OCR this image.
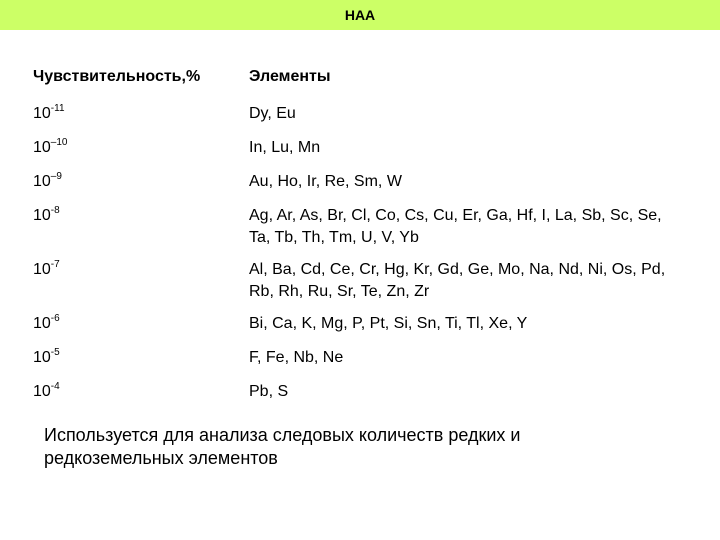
НАА
Чувствительность,%	Элементы
$10^{-11}$	Dy, Eu
$10^{-10}$	In, Lu, Mn
$10^{-9}$	Au, Ho, Ir, Re, Sm, W
$10^{-8}$	Ag, Ar, As, Br, Cl, Co, Cs, Cu, Er, Ga, Hf, I, La, Sb, Sc, Se, Ta, Tb, Th, Tm, U, V, Yb
$10^{-7}$	Al, Ba, Cd, Ce, Cr, Hg, Kr, Gd, Ge, Mo, Na, Nd, Ni, Os, Pd, Rb, Rh, Ru, Sr, Te, Zn, Zr
$10^{-6}$	Bi, Ca, K, Mg, P, Pt, Si, Sn, Ti, Tl, Xe, Y
$10^{-5}$	F, Fe, Nb, Ne
$10^{-4}$	Pb, S
Используется для анализа следовых количеств редких и редкоземельных элементов
